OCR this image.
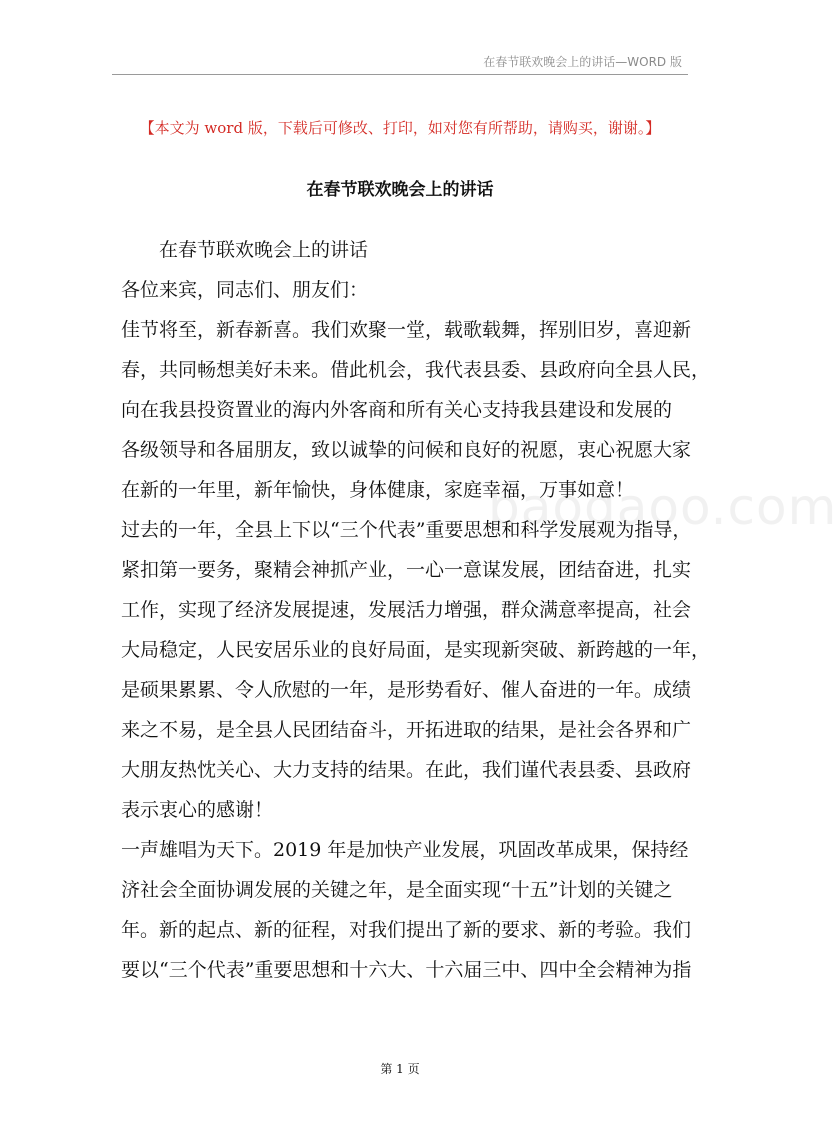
在春节联欢晚会上的讲话—WORD 版
【本文为 word 版，下载后可修改、打印，如对您有所帮助，请购买，谢谢。】
在春节联欢晚会上的讲话
baogaoo.com

在春节联欢晚会上的讲话

各位来宾，同志们、朋友们：

佳节将至，新春新喜。我们欢聚一堂，载歌载舞，挥别旧岁，喜迎新
春，共同畅想美好未来。借此机会，我代表县委、县政府向全县人民，
向在我县投资置业的海内外客商和所有关心支持我县建设和发展的
各级领导和各届朋友，致以诚挚的问候和良好的祝愿，衷心祝愿大家
在新的一年里，新年愉快，身体健康，家庭幸福，万事如意！

过去的一年，全县上下以“三个代表”重要思想和科学发展观为指导，
紧扣第一要务，聚精会神抓产业，一心一意谋发展，团结奋进，扎实
工作，实现了经济发展提速，发展活力增强，群众满意率提高，社会
大局稳定，人民安居乐业的良好局面，是实现新突破、新跨越的一年，
是硕果累累、令人欣慰的一年，是形势看好、催人奋进的一年。成绩
来之不易，是全县人民团结奋斗，开拓进取的结果，是社会各界和广
大朋友热忱关心、大力支持的结果。在此，我们谨代表县委、县政府
表示衷心的感谢！

一声雄唱为天下。2019 年是加快产业发展，巩固改革成果，保持经
济社会全面协调发展的关键之年，是全面实现“十五”计划的关键之
年。新的起点、新的征程，对我们提出了新的要求、新的考验。我们
要以“三个代表”重要思想和十六大、十六届三中、四中全会精神为指

第 1 页
